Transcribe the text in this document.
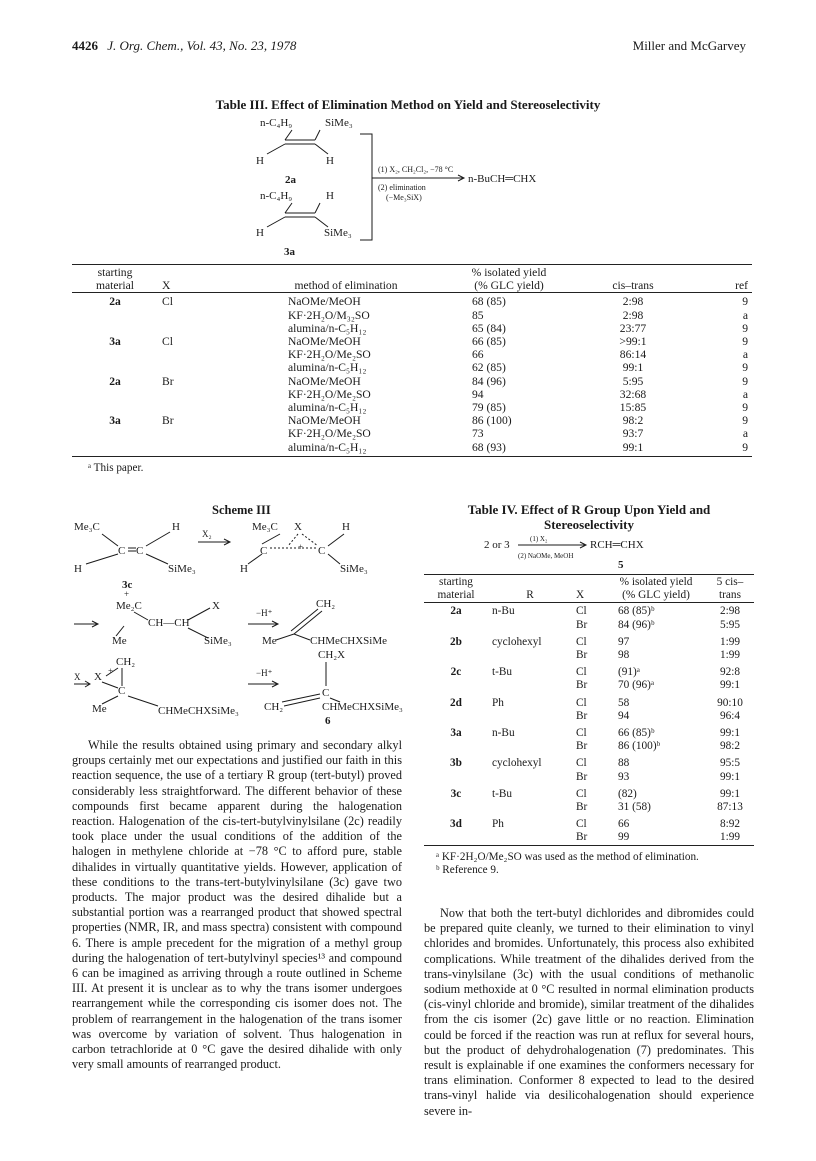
4426 J. Org. Chem., Vol. 43, No. 23, 1978	Miller and McGarvey
Table III. Effect of Elimination Method on Yield and Stereoselectivity
n-C₄H₉	SiMe₃
H	H
2a
n-C₄H₉	H
H	SiMe₃
3a
(1) X₂, CH₂Cl₂, −78 °C
(2) elimination
(−Me₃SiX)
n-BuCH═CHX
starting
material	X	method of elimination	% isolated yield
(% GLC yield)	cis–trans	ref

2a	Cl	NaOMe/MeOH	68 (85)	2:98	9
		KF·2H₂O/M₃₂SO	85	2:98	a
		alumina/n-C₅H₁₂	65 (84)	23:77	9
3a	Cl	NaOMe/MeOH	66 (85)	>99:1	9
		KF·2H₂O/Me₂SO	66	86:14	a
		alumina/n-C₅H₁₂	62 (85)	99:1	9
2a	Br	NaOMe/MeOH	84 (96)	5:95	9
		KF·2H₂O/Me₂SO	94	32:68	a
		alumina/n-C₅H₁₂	79 (85)	15:85	9
3a	Br	NaOMe/MeOH	86 (100)	98:2	9
		KF·2H₂O/Me₂SO	73	93:7	a
		alumina/n-C₅H₁₂	68 (93)	99:1	9
ᵃ This paper.
Scheme III
Me₃C	H
C C
H	SiMe₃
X₂
Me₃C X	H
C	C
+
H	SiMe₃
3c
+
Me₂C
CH—CH
X
Me	SiMe₃
−H⁺
CH₂
Me	CHMeCHXSiMe
CH₂X
CH₂
X X +
C
Me	CHMeCHXSiMe₃
−H⁺
C
CH₂	CHMeCHXSiMe₃
6

While the results obtained using primary and secondary alkyl groups certainly met our expectations and justified our faith in this reaction sequence, the use of a tertiary R group (tert-butyl) proved considerably less straightforward. The different behavior of these compounds first became apparent during the halogenation reaction. Halogenation of the cis-tert-butylvinylsilane (2c) readily took place under the usual conditions of the addition of the halogen in methylene chloride at −78 °C to afford pure, stable dihalides in virtually quantitative yields. However, application of these conditions to the trans-tert-butylvinylsilane (3c) gave two products. The major product was the desired dihalide but a substantial portion was a rearranged product that showed spectral properties (NMR, IR, and mass spectra) consistent with compound 6. There is ample precedent for the migration of a methyl group during the halogenation of tert-butylvinyl species¹³ and compound 6 can be imagined as arriving through a route outlined in Scheme III. At present it is unclear as to why the trans isomer undergoes rearrangement while the corresponding cis isomer does not. The problem of rearrangement in the halogenation of the trans isomer was overcome by variation of solvent. Thus halogenation in carbon tetrachloride at 0 °C gave the desired dihalide with only very small amounts of rearranged product.

Table IV. Effect of R Group Upon Yield and
Stereoselectivity
2 or 3	(1) X₂
(2) NaOMe, MeOH
RCH═CHX
5
starting
material	R	X	% isolated yield
(% GLC yield)	5 cis–
trans

2a	n-Bu	Cl	68 (85)ᵇ	2:98
		Br	84 (96)ᵇ	5:95
2b	cyclohexyl	Cl	97	1:99
		Br	98	1:99
2c	t-Bu	Cl	(91)ᵃ	92:8
		Br	70 (96)ᵃ	99:1
2d	Ph	Cl	58	90:10
		Br	94	96:4
3a	n-Bu	Cl	66 (85)ᵇ	99:1
		Br	86 (100)ᵇ	98:2
3b	cyclohexyl	Cl	88	95:5
		Br	93	99:1
3c	t-Bu	Cl	(82)	99:1
		Br	31 (58)	87:13
3d	Ph	Cl	66	8:92
		Br	99	1:99
ᵃ KF·2H₂O/Me₂SO was used as the method of elimination.
ᵇ Reference 9.

Now that both the tert-butyl dichlorides and dibromides could be prepared quite cleanly, we turned to their elimination to vinyl chlorides and bromides. Unfortunately, this process also exhibited complications. While treatment of the dihalides derived from the trans-vinylsilane (3c) with the usual conditions of methanolic sodium methoxide at 0 °C resulted in normal elimination products (cis-vinyl chloride and bromide), similar treatment of the dihalides from the cis isomer (2c) gave little or no reaction. Elimination could be forced if the reaction was run at reflux for several hours, but the product of dehydrohalogenation (7) predominates. This result is explainable if one examines the conformers necessary for trans elimination. Conformer 8 expected to lead to the desired trans-vinyl halide via desilicohalogenation should experience severe in-
